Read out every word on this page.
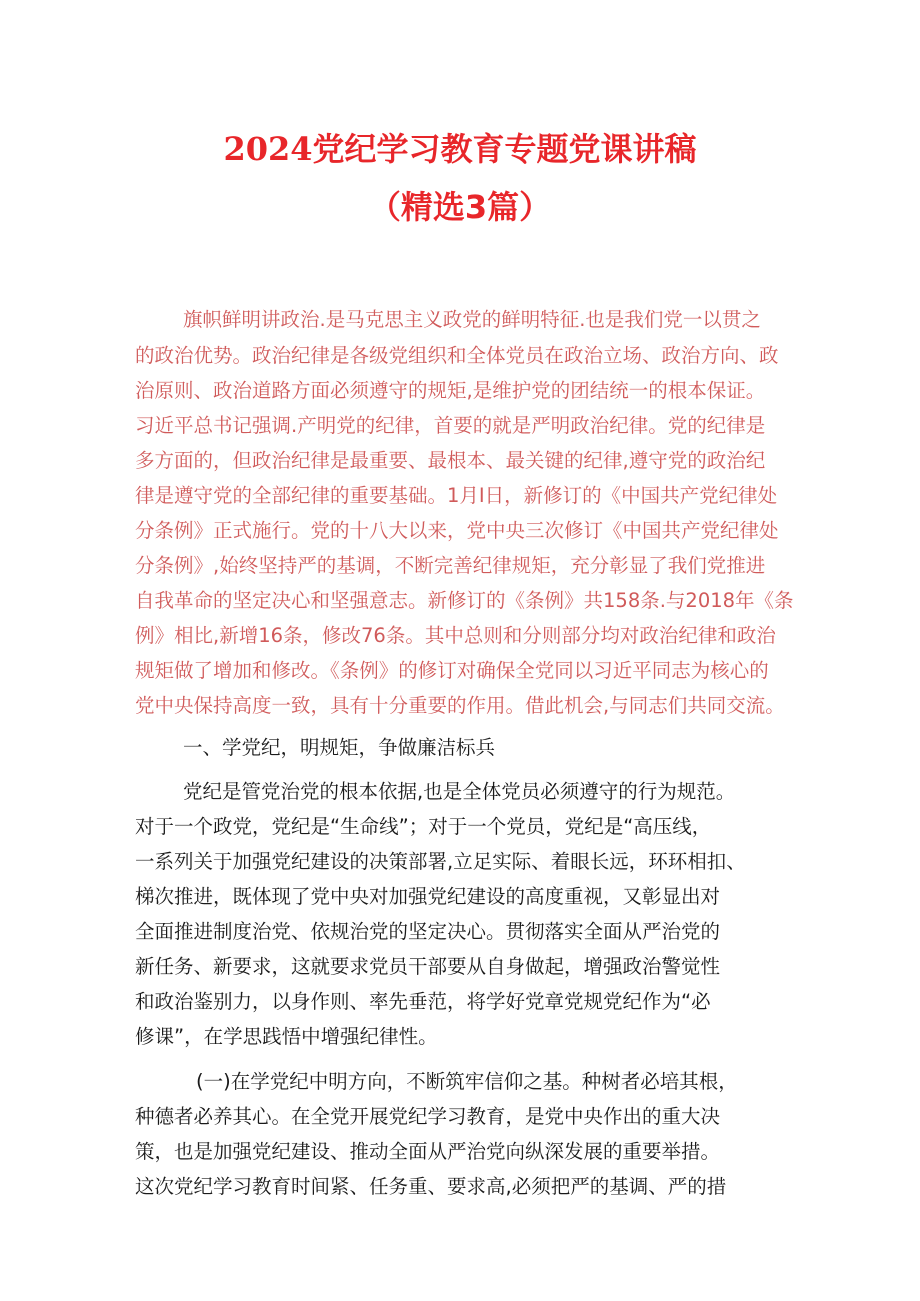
2024党纪学习教育专题党课讲稿
（精选3篇）

旗帜鲜明讲政治.是马克思主义政党的鲜明特征.也是我们党一以贯之

的政治优势。政治纪律是各级党组织和全体党员在政治立场、政治方向、政

治原则、政治道路方面必须遵守的规矩,是维护党的团结统一的根本保证。

习近平总书记强调.产明党的纪律，首要的就是严明政治纪律。党的纪律是

多方面的，但政治纪律是最重要、最根本、最关键的纪律,遵守党的政治纪

律是遵守党的全部纪律的重要基础。1月I日，新修订的《中国共产党纪律处

分条例》正式施行。党的十八大以来，党中央三次修订《中国共产党纪律处

分条例》,始终坚持严的基调，不断完善纪律规矩，充分彰显了我们党推进

自我革命的坚定决心和坚强意志。新修订的《条例》共158条.与2018年《条

例》相比,新增16条，修改76条。其中总则和分则部分均对政治纪律和政治

规矩做了增加和修改。《条例》的修订对确保全党同以习近平同志为核心的

党中央保持高度一致，具有十分重要的作用。借此机会,与同志们共同交流。

一、学党纪，明规矩，争做廉洁标兵

党纪是管党治党的根本依据,也是全体党员必须遵守的行为规范。

对于一个政党，党纪是“生命线”；对于一个党员，党纪是“高压线，

一系列关于加强党纪建设的决策部署,立足实际、着眼长远，环环相扣、

梯次推进，既体现了党中央对加强党纪建设的高度重视，又彰显出对

全面推进制度治党、依规治党的坚定决心。贯彻落实全面从严治党的

新任务、新要求，这就要求党员干部要从自身做起，增强政治警觉性

和政治鉴别力，以身作则、率先垂范，将学好党章党规党纪作为“必

修课”，在学思践悟中增强纪律性。

(一)在学党纪中明方向，不断筑牢信仰之基。种树者必培其根，

种德者必养其心。在全党开展党纪学习教育，是党中央作出的重大决

策，也是加强党纪建设、推动全面从严治党向纵深发展的重要举措。

这次党纪学习教育时间紧、任务重、要求高,必须把严的基调、严的措
